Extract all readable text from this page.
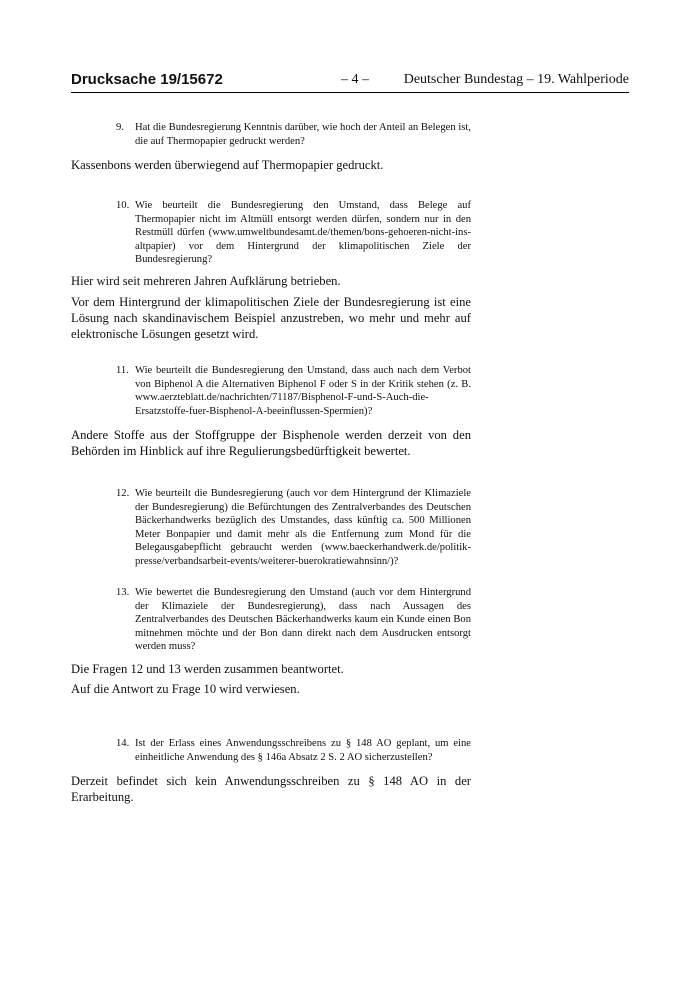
Drucksache 19/15672	– 4 – Deutscher Bundestag – 19. Wahlperiode
9. Hat die Bundesregierung Kenntnis darüber, wie hoch der Anteil an Belegen ist, die auf Thermopapier gedruckt werden?
Kassenbons werden überwiegend auf Thermopapier gedruckt.
10. Wie beurteilt die Bundesregierung den Umstand, dass Belege auf Thermopapier nicht im Altmüll entsorgt werden dürfen, sondern nur in den Restmüll dürfen (www.umweltbundesamt.de/themen/bons-gehoeren-nicht-ins-altpapier) vor dem Hintergrund der klimapolitischen Ziele der Bundesregierung?
Hier wird seit mehreren Jahren Aufklärung betrieben.
Vor dem Hintergrund der klimapolitischen Ziele der Bundesregierung ist eine Lösung nach skandinavischem Beispiel anzustreben, wo mehr und mehr auf elektronische Lösungen gesetzt wird.
11. Wie beurteilt die Bundesregierung den Umstand, dass auch nach dem Verbot von Biphenol A die Alternativen Biphenol F oder S in der Kritik stehen (z. B. www.aerzteblatt.de/nachrichten/71187/Bisphenol-F-und-S-Auch-die-Ersatzstoffe-fuer-Bisphenol-A-beeinflussen-Spermien)?
Andere Stoffe aus der Stoffgruppe der Bisphenole werden derzeit von den Behörden im Hinblick auf ihre Regulierungsbedürftigkeit bewertet.
12. Wie beurteilt die Bundesregierung (auch vor dem Hintergrund der Klimaziele der Bundesregierung) die Befürchtungen des Zentralverbandes des Deutschen Bäckerhandwerks bezüglich des Umstandes, dass künftig ca. 500 Millionen Meter Bonpapier und damit mehr als die Entfernung zum Mond für die Belegausgabepflicht gebraucht werden (www.baeckerhandwerk.de/politik-presse/verbandsarbeit-events/weiterer-buerokratiewahnsinn/)?
13. Wie bewertet die Bundesregierung den Umstand (auch vor dem Hintergrund der Klimaziele der Bundesregierung), dass nach Aussagen des Zentralverbandes des Deutschen Bäckerhandwerks kaum ein Kunde einen Bon mitnehmen möchte und der Bon dann direkt nach dem Ausdrucken entsorgt werden muss?
Die Fragen 12 und 13 werden zusammen beantwortet.
Auf die Antwort zu Frage 10 wird verwiesen.
14. Ist der Erlass eines Anwendungsschreibens zu § 148 AO geplant, um eine einheitliche Anwendung des § 146a Absatz 2 S. 2 AO sicherzustellen?
Derzeit befindet sich kein Anwendungsschreiben zu § 148 AO in der Erarbeitung.
